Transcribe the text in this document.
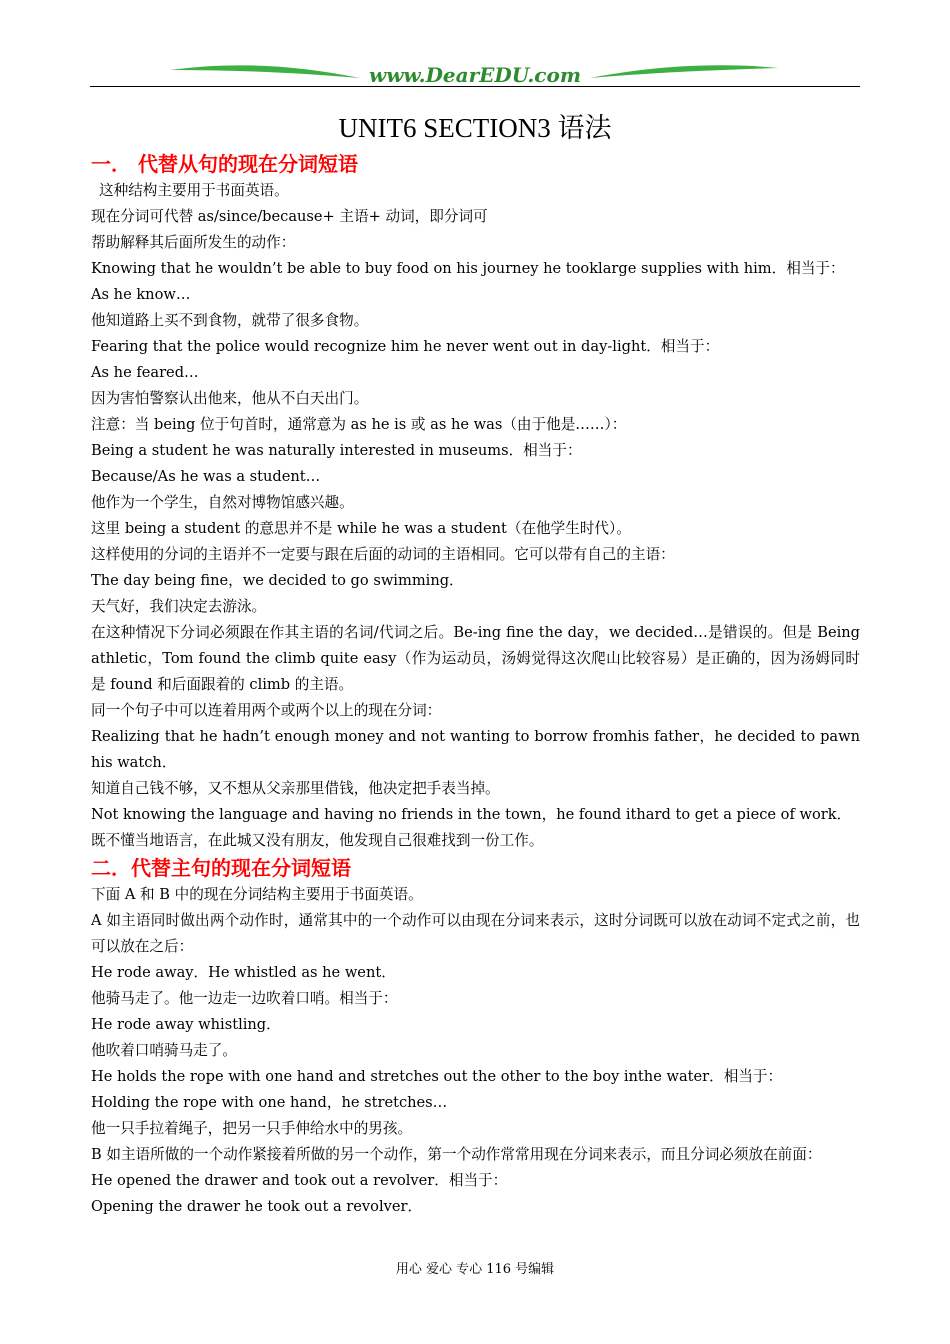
www.DearEDU.com
UNIT6 SECTION3 语法
一． 代替从句的现在分词短语
这种结构主要用于书面英语。
现在分词可代替 as/since/because+ 主语+ 动词，即分词可
帮助解释其后面所发生的动作：
Knowing that he wouldn’t be able to buy food on his journey he tooklarge supplies with him．相当于：
As he know…
他知道路上买不到食物，就带了很多食物。
Fearing that the police would recognize him he never went out in day-light．相当于：
As he feared…
因为害怕警察认出他来，他从不白天出门。
注意：当 being 位于句首时，通常意为 as he is 或 as he was（由于他是……）：
Being a student he was naturally interested in museums．相当于：
Because/As he was a student…
他作为一个学生，自然对博物馆感兴趣。
这里 being a student 的意思并不是 while he was a student（在他学生时代）。
这样使用的分词的主语并不一定要与跟在后面的动词的主语相同。它可以带有自己的主语：
The day being fine，we decided to go swimming．
天气好，我们决定去游泳。
在这种情况下分词必须跟在作其主语的名词/代词之后。Be-ing fine the day，we decided…是错误的。但是 Being athletic，Tom found the climb quite easy（作为运动员，汤姆觉得这次爬山比较容易）是正确的，因为汤姆同时是 found 和后面跟着的 climb 的主语。
同一个句子中可以连着用两个或两个以上的现在分词：
Realizing that he hadn’t enough money and not wanting to borrow fromhis father，he decided to pawn his watch．
知道自己钱不够，又不想从父亲那里借钱，他决定把手表当掉。
Not knowing the language and having no friends in the town，he found ithard to get a piece of work．
既不懂当地语言，在此城又没有朋友，他发现自己很难找到一份工作。
二．代替主句的现在分词短语
下面 A 和 B 中的现在分词结构主要用于书面英语。
A 如主语同时做出两个动作时，通常其中的一个动作可以由现在分词来表示，这时分词既可以放在动词不定式之前，也可以放在之后：
He rode away．He whistled as he went．
他骑马走了。他一边走一边吹着口哨。相当于：
He rode away whistling．
他吹着口哨骑马走了。
He holds the rope with one hand and stretches out the other to the boy inthe water．相当于：
Holding the rope with one hand，he stretches…
他一只手拉着绳子，把另一只手伸给水中的男孩。
B 如主语所做的一个动作紧接着所做的另一个动作，第一个动作常常用现在分词来表示，而且分词必须放在前面：
He opened the drawer and took out a revolver．相当于：
Opening the drawer he took out a revolver．
用心 爱心 专心 116 号编辑
